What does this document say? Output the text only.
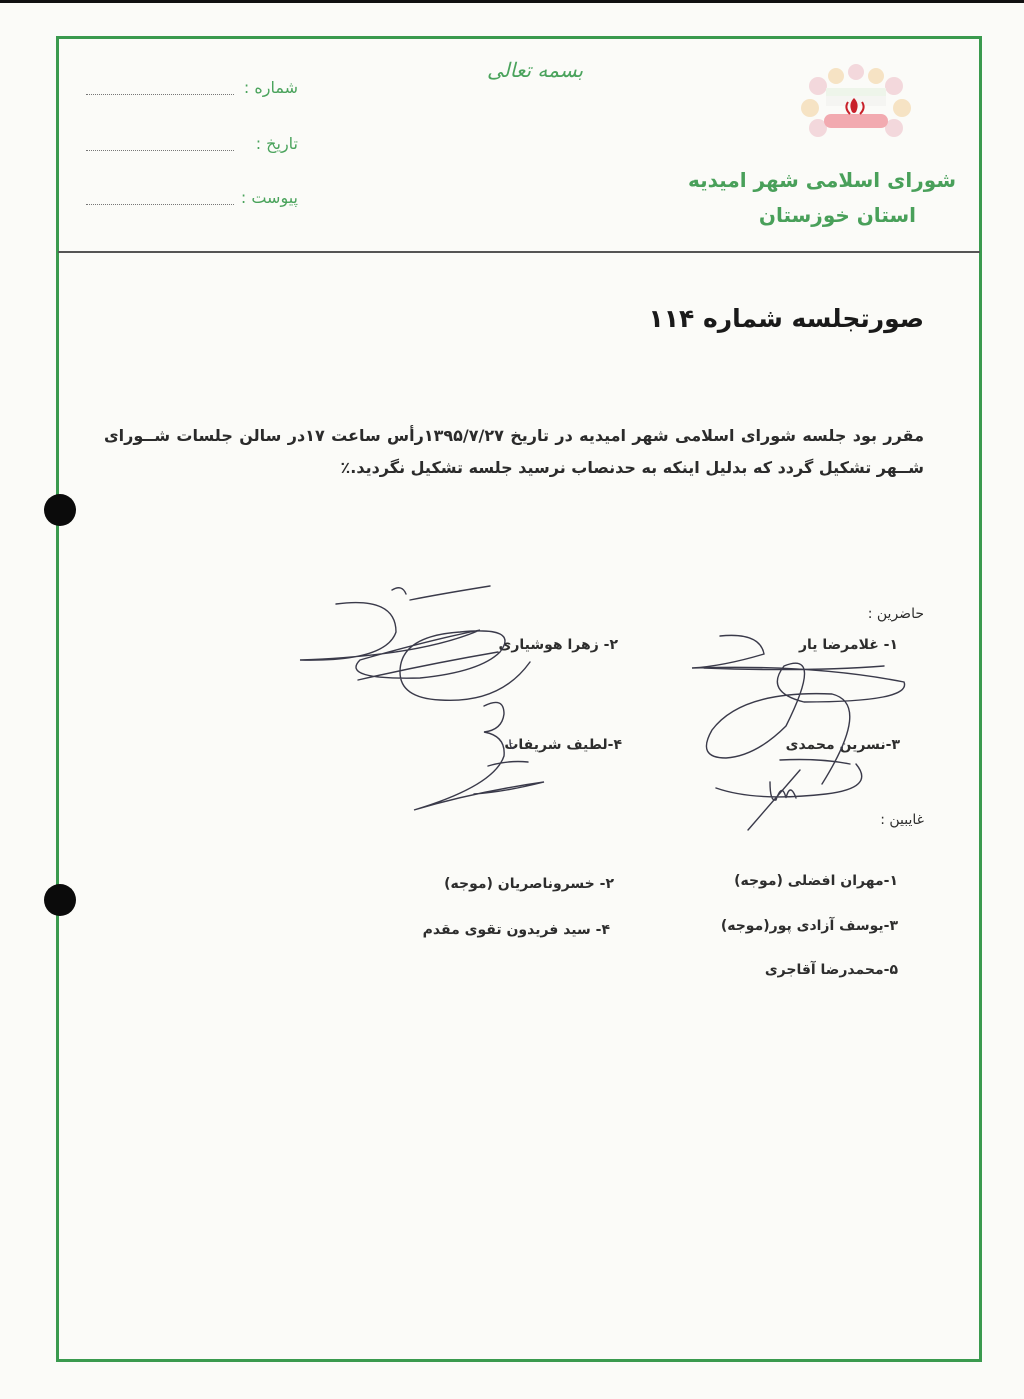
شماره :
تاریخ :
پیوست :
بسمه تعالی
شورای اسلامی شهر امیدیه
استان خوزستان
صورتجلسه شماره ۱۱۴
مقرر بود جلسه شورای اسلامی شهر امیدیه در تاریخ ۱۳۹۵/۷/۲۷رأس ساعت ۱۷در سالن جلسات شــورای شــهر تشکیل گردد که بدلیل اینکه به حدنصاب نرسید جلسه تشکیل نگردید.٪
حاضرین :
۱- غلامرضا یار
۲- زهرا هوشیاری
۳-نسرین محمدی
۴-لطیف شریفات
غایبین :
۱-مهران افضلی (موجه)
۲- خسروناصریان (موجه)
۳-یوسف آزادی پور(موجه)
۴- سید فریدون تقوی مقدم
۵-محمدرضا آقاجری
